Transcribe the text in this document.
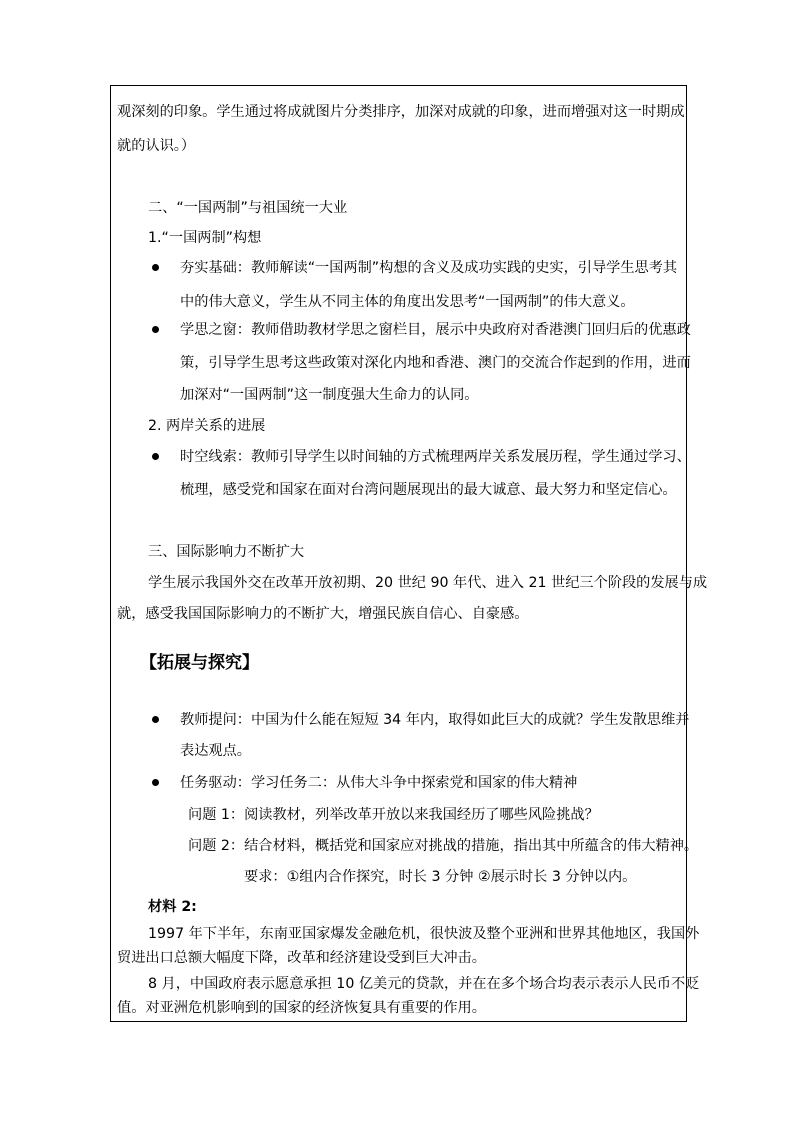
观深刻的印象。学生通过将成就图片分类排序，加深对成就的印象，进而增强对这一时期成
就的认识。）
二、“一国两制”与祖国统一大业
1.“一国两制”构想
夯实基础：教师解读“一国两制”构想的含义及成功实践的史实，引导学生思考其
中的伟大意义，学生从不同主体的角度出发思考“一国两制”的伟大意义。
学思之窗：教师借助教材学思之窗栏目，展示中央政府对香港澳门回归后的优惠政
策，引导学生思考这些政策对深化内地和香港、澳门的交流合作起到的作用，进而
加深对“一国两制”这一制度强大生命力的认同。
2. 两岸关系的进展
时空线索：教师引导学生以时间轴的方式梳理两岸关系发展历程，学生通过学习、
梳理，感受党和国家在面对台湾问题展现出的最大诚意、最大努力和坚定信心。
三、国际影响力不断扩大
学生展示我国外交在改革开放初期、20 世纪 90 年代、进入 21 世纪三个阶段的发展与成
就，感受我国国际影响力的不断扩大，增强民族自信心、自豪感。
【拓展与探究】
教师提问：中国为什么能在短短 34 年内，取得如此巨大的成就？学生发散思维并
表达观点。
任务驱动：学习任务二：从伟大斗争中探索党和国家的伟大精神
问题 1：阅读教材，列举改革开放以来我国经历了哪些风险挑战？
问题 2：结合材料，概括党和国家应对挑战的措施，指出其中所蕴含的伟大精神。
要求：①组内合作探究，时长 3 分钟 ②展示时长 3 分钟以内。
材料 2:
1997 年下半年，东南亚国家爆发金融危机，很快波及整个亚洲和世界其他地区，我国外
贸进出口总额大幅度下降，改革和经济建设受到巨大冲击。
8 月，中国政府表示愿意承担 10 亿美元的贷款，并在在多个场合均表示表示人民币不贬
值。对亚洲危机影响到的国家的经济恢复具有重要的作用。
